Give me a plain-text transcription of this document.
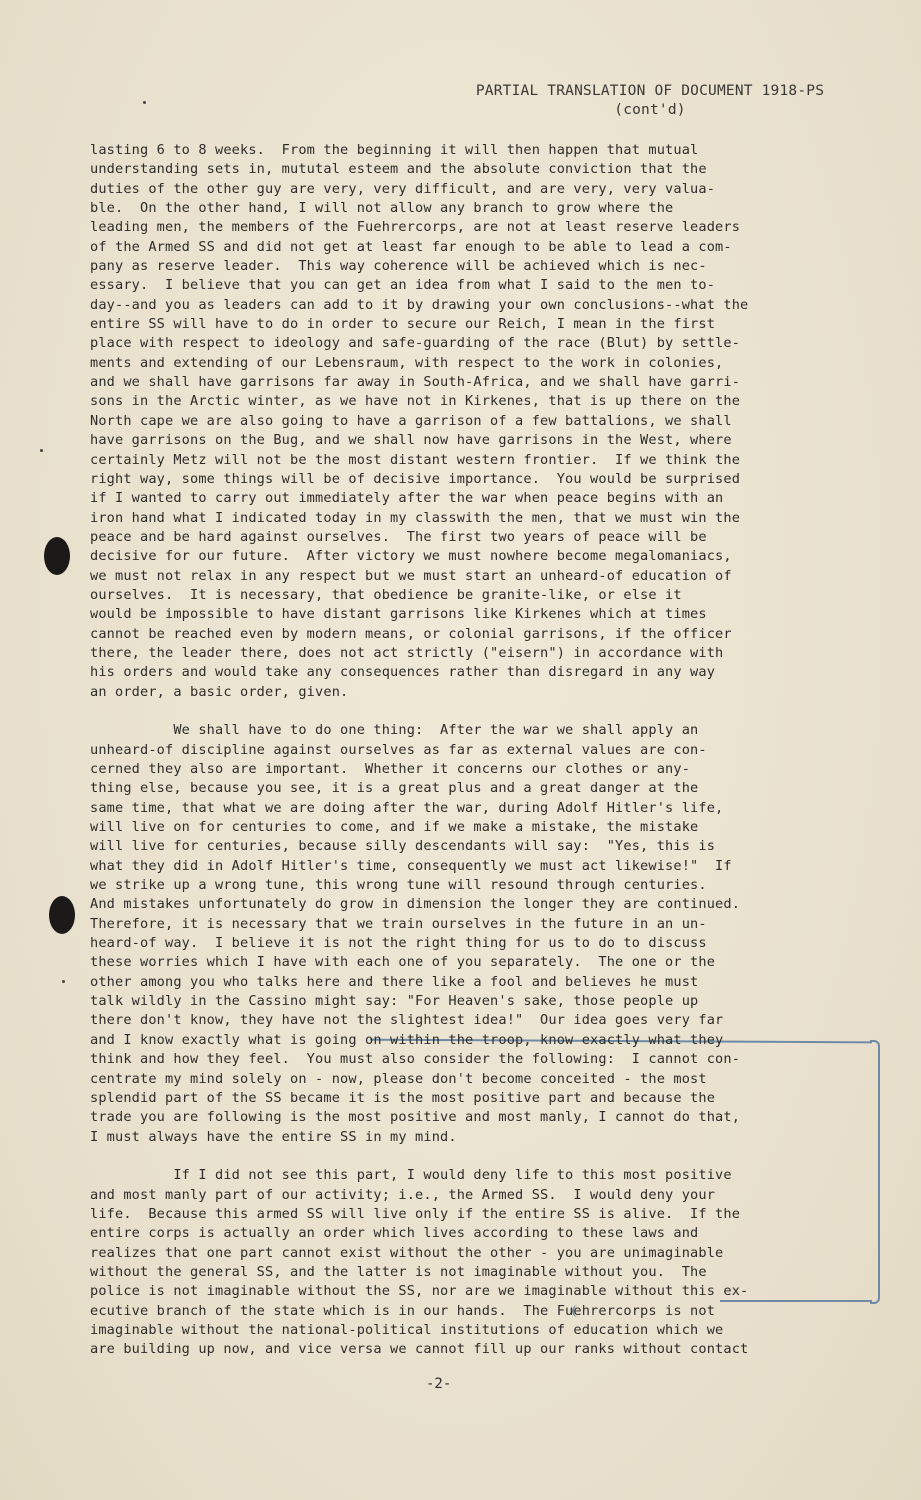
PARTIAL TRANSLATION OF DOCUMENT 1918-PS
(cont'd)
lasting 6 to 8 weeks.  From the beginning it will then happen that mutual
understanding sets in, mututal esteem and the absolute conviction that the
duties of the other guy are very, very difficult, and are very, very valua-
ble.  On the other hand, I will not allow any branch to grow where the
leading men, the members of the Fuehrercorps, are not at least reserve leaders
of the Armed SS and did not get at least far enough to be able to lead a com-
pany as reserve leader.  This way coherence will be achieved which is nec-
essary.  I believe that you can get an idea from what I said to the men to-
day--and you as leaders can add to it by drawing your own conclusions--what the
entire SS will have to do in order to secure our Reich, I mean in the first
place with respect to ideology and safe-guarding of the race (Blut) by settle-
ments and extending of our Lebensraum, with respect to the work in colonies,
and we shall have garrisons far away in South-Africa, and we shall have garri-
sons in the Arctic winter, as we have not in Kirkenes, that is up there on the
North cape we are also going to have a garrison of a few battalions, we shall
have garrisons on the Bug, and we shall now have garrisons in the West, where
certainly Metz will not be the most distant western frontier.  If we think the
right way, some things will be of decisive importance.  You would be surprised
if I wanted to carry out immediately after the war when peace begins with an
iron hand what I indicated today in my classwith the men, that we must win the
peace and be hard against ourselves.  The first two years of peace will be
decisive for our future.  After victory we must nowhere become megalomaniacs,
we must not relax in any respect but we must start an unheard-of education of
ourselves.  It is necessary, that obedience be granite-like, or else it
would be impossible to have distant garrisons like Kirkenes which at times
cannot be reached even by modern means, or colonial garrisons, if the officer
there, the leader there, does not act strictly ("eisern") in accordance with
his orders and would take any consequences rather than disregard in any way
an order, a basic order, given.
We shall have to do one thing:  After the war we shall apply an
unheard-of discipline against ourselves as far as external values are con-
cerned they also are important.  Whether it concerns our clothes or any-
thing else, because you see, it is a great plus and a great danger at the
same time, that what we are doing after the war, during Adolf Hitler's life,
will live on for centuries to come, and if we make a mistake, the mistake
will live for centuries, because silly descendants will say:  "Yes, this is
what they did in Adolf Hitler's time, consequently we must act likewise!"  If
we strike up a wrong tune, this wrong tune will resound through centuries.
And mistakes unfortunately do grow in dimension the longer they are continued.
Therefore, it is necessary that we train ourselves in the future in an un-
heard-of way.  I believe it is not the right thing for us to do to discuss
these worries which I have with each one of you separately.  The one or the
other among you who talks here and there like a fool and believes he must
talk wildly in the Cassino might say: "For Heaven's sake, those people up
there don't know, they have not the slightest idea!"  Our idea goes very far
and I know exactly what is going on within the troop, know exactly what they
think and how they feel.  You must also consider the following:  I cannot con-
centrate my mind solely on - now, please don't become conceited - the most
splendid part of the SS became it is the most positive part and because the
trade you are following is the most positive and most manly, I cannot do that,
I must always have the entire SS in my mind.
If I did not see this part, I would deny life to this most positive
and most manly part of our activity; i.e., the Armed SS.  I would deny your
life.  Because this armed SS will live only if the entire SS is alive.  If the
entire corps is actually an order which lives according to these laws and
realizes that one part cannot exist without the other - you are unimaginable
without the general SS, and the latter is not imaginable without you.  The
police is not imaginable without the SS, nor are we imaginable without this ex-
ecutive branch of the state which is in our hands.  The Fuehrercorps is not
imaginable without the national-political institutions of education which we
are building up now, and vice versa we cannot fill up our ranks without contact
-2-
